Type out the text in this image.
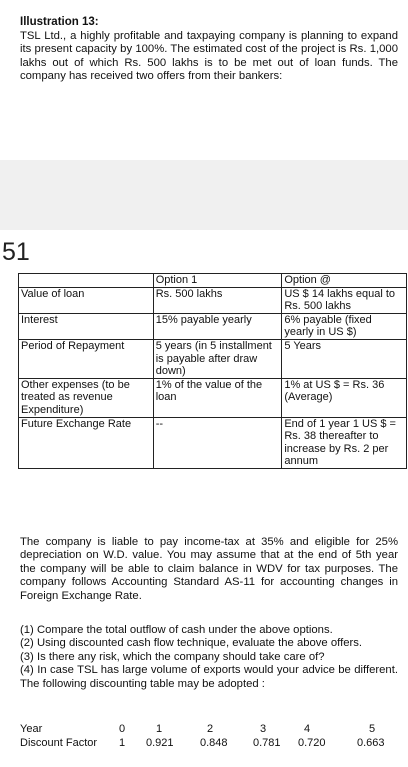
Illustration 13:
TSL Ltd., a highly profitable and taxpaying company is planning to expand its present capacity by 100%. The estimated cost of the project is Rs. 1,000 lakhs out of which Rs. 500 lakhs is to be met out of loan funds. The company has received two offers from their bankers:
51
	Option 1	Option @
Value of loan	Rs. 500 lakhs	US $ 14 lakhs equal to Rs. 500 lakhs
Interest	15% payable yearly	6% payable (fixed yearly in US $)
Period of Repayment	5 years (in 5 installment is payable after draw down)	5 Years
Other expenses (to be treated as revenue Expenditure)	1% of the value of the loan	1% at US $ = Rs. 36 (Average)
Future Exchange Rate	--	End of 1 year 1 US $ = Rs. 38 thereafter to increase by Rs. 2 per annum
The company is liable to pay income-tax at 35% and eligible for 25% depreciation on W.D. value. You may assume that at the end of 5th year the company will be able to claim balance in WDV for tax purposes. The company follows Accounting Standard AS-11 for accounting changes in Foreign Exchange Rate.

(1) Compare the total outflow of cash under the above options.

(2) Using discounted cash flow technique, evaluate the above offers.

(3) Is there any risk, which the company should take care of?

(4) In case TSL has large volume of exports would your advice be different. The following discounting table may be adopted :

Year	0	1	2	3	4	5
Discount Factor 1 0.921 0.848 0.781 0.720	0.663
